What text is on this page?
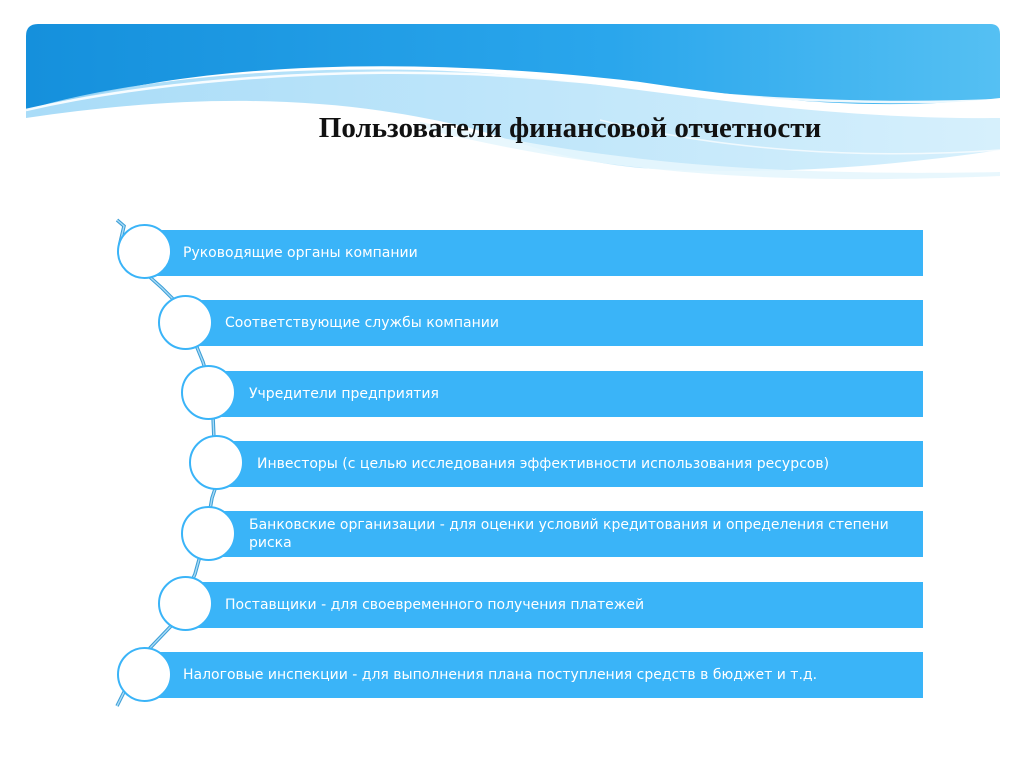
Пользователи финансовой отчетности
Руководящие органы компании
Соответствующие службы компании
Учредители предприятия
Инвесторы (с целью исследования эффективности использования ресурсов)
Банковские организации - для оценки условий кредитования и определения степени риска
Поставщики - для своевременного получения платежей
Налоговые инспекции - для выполнения плана поступления средств в бюджет и т.д.
